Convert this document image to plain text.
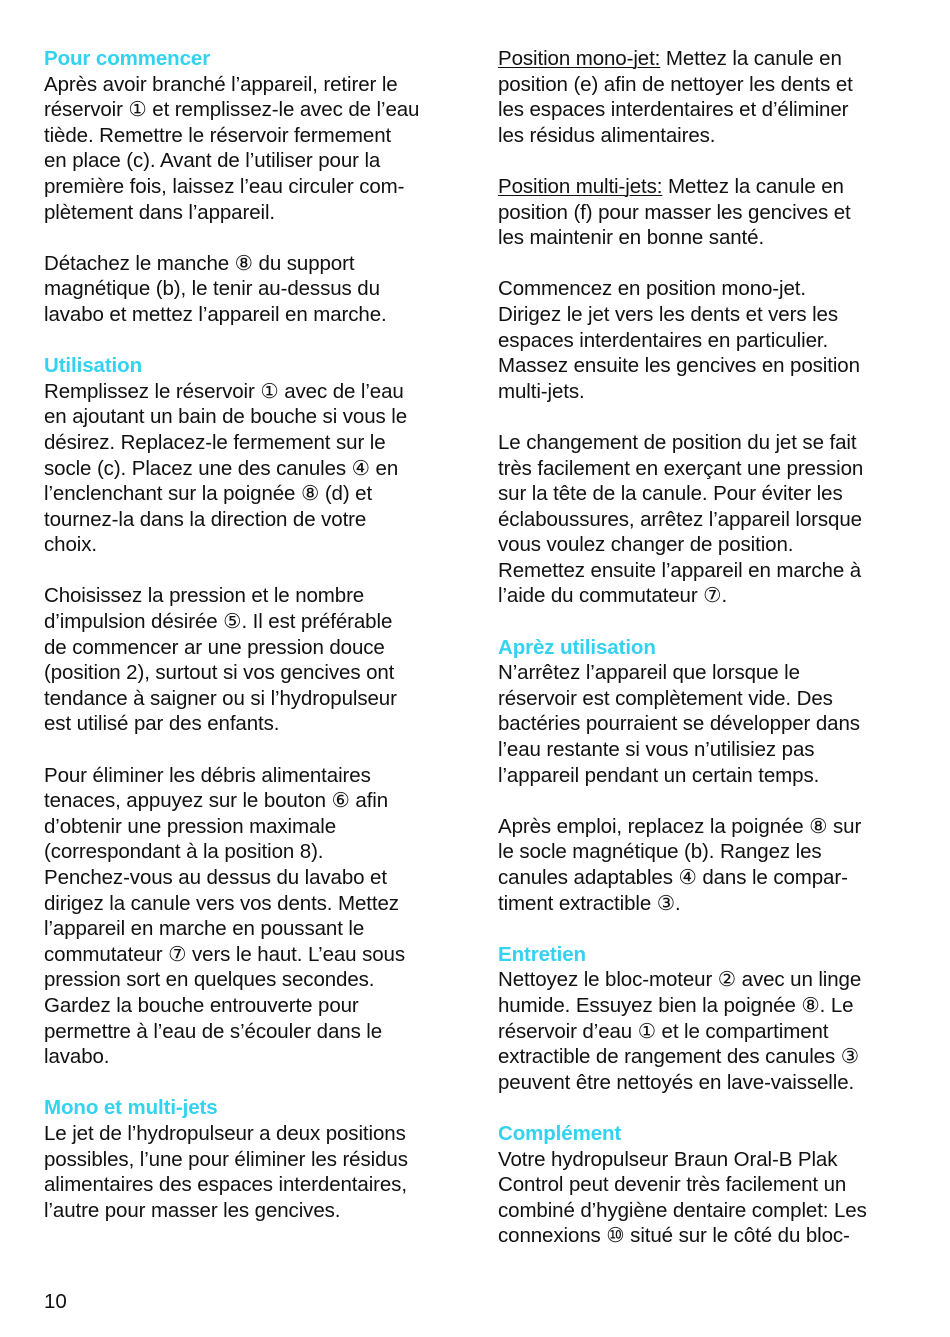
Pour commencer
Après avoir branché l’appareil, retirer le
réservoir ① et remplissez-le avec de l’eau
tiède. Remettre le réservoir fermement
en place (c). Avant de l’utiliser pour la
première fois, laissez l’eau circuler com-
plètement dans l’appareil.
Détachez le manche ⑧ du support
magnétique (b), le tenir au-dessus du
lavabo et mettez l’appareil en marche.
Utilisation
Remplissez le réservoir ① avec de l’eau
en ajoutant un bain de bouche si vous le
désirez. Replacez-le fermement sur le
socle (c). Placez une des canules ④ en
l’enclenchant sur la poignée ⑧ (d) et
tournez-la dans la direction de votre
choix.
Choisissez la pression et le nombre
d’impulsion désirée ⑤. Il est préférable
de commencer ar une pression douce
(position 2), surtout si vos gencives ont
tendance à saigner ou si l’hydropulseur
est utilisé par des enfants.
Pour éliminer les débris alimentaires
tenaces, appuyez sur le bouton ⑥ afin
d’obtenir une pression maximale
(correspondant à la position 8).
Penchez-vous au dessus du lavabo et
dirigez la canule vers vos dents. Mettez
l’appareil en marche en poussant le
commutateur ⑦ vers le haut. L’eau sous
pression sort en quelques secondes.
Gardez la bouche entrouverte pour
permettre à l’eau de s’écouler dans le
lavabo.
Mono et multi-jets
Le jet de l’hydropulseur a deux positions
possibles, l’une pour éliminer les résidus
alimentaires des espaces interdentaires,
l’autre pour masser les gencives.
Position mono-jet: Mettez la canule en
position (e) afin de nettoyer les dents et
les espaces interdentaires et d’éliminer
les résidus alimentaires.
Position multi-jets: Mettez la canule en
position (f) pour masser les gencives et
les maintenir en bonne santé.
Commencez en position mono-jet.
Dirigez le jet vers les dents et vers les
espaces interdentaires en particulier.
Massez ensuite les gencives en position
multi-jets.
Le changement de position du jet se fait
très facilement en exerçant une pression
sur la tête de la canule. Pour éviter les
éclaboussures, arrêtez l’appareil lorsque
vous voulez changer de position.
Remettez ensuite l’appareil en marche à
l’aide du commutateur ⑦.
Aprèz utilisation
N’arrêtez l’appareil que lorsque le
réservoir est complètement vide. Des
bactéries pourraient se développer dans
l’eau restante si vous n’utilisiez pas
l’appareil pendant un certain temps.
Après emploi, replacez la poignée ⑧ sur
le socle magnétique (b). Rangez les
canules adaptables ④ dans le compar-
timent extractible ③.
Entretien
Nettoyez le bloc-moteur ② avec un linge
humide. Essuyez bien la poignée ⑧. Le
réservoir d’eau ① et le compartiment
extractible de rangement des canules ③
peuvent être nettoyés en lave-vaisselle.
Complément
Votre hydropulseur Braun Oral-B Plak
Control peut devenir très facilement un
combiné d’hygiène dentaire complet: Les
connexions ⑩ situé sur le côté du bloc-
10
